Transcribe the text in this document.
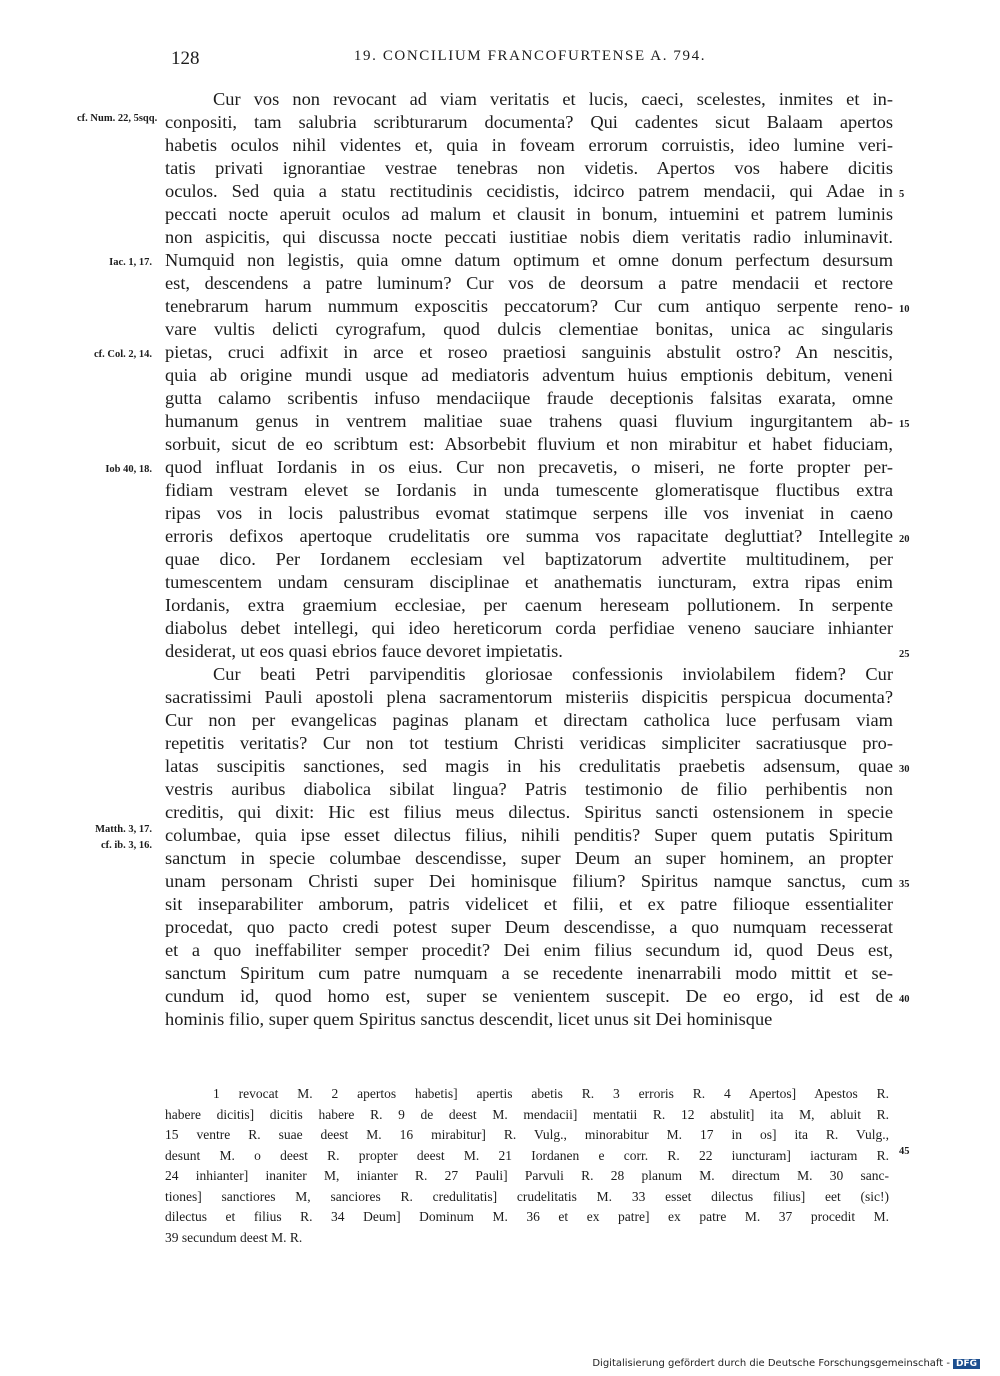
128	19. CONCILIUM FRANCOFURTENSE A. 794.
Cur vos non revocant ad viam veritatis et lucis, caeci, scelestes, inmites et in-
conpositi, tam salubria scribturarum documenta? Qui cadentes sicut Balaam apertos
habetis oculos nihil videntes et, quia in foveam errorum corruistis, ideo lumine veri-
tatis privati ignorantiae vestrae tenebras non videtis. Apertos vos habere dicitis
oculos. Sed quia a statu rectitudinis cecidistis, idcirco patrem mendacii, qui Adae in
peccati nocte aperuit oculos ad malum et clausit in bonum, intuemini et patrem luminis
non aspicitis, qui discussa nocte peccati iustitiae nobis diem veritatis radio inluminavit.
Numquid non legistis, quia omne datum optimum et omne donum perfectum desursum
est, descendens a patre luminum? Cur vos de deorsum a patre mendacii et rectore
tenebrarum harum nummum exposcitis peccatorum? Cur cum antiquo serpente reno-
vare vultis delicti cyrografum, quod dulcis clementiae bonitas, unica ac singularis
pietas, cruci adfixit in arce et roseo praetiosi sanguinis abstulit ostro? An nescitis,
quia ab origine mundi usque ad mediatoris adventum huius emptionis debitum, veneni
gutta calamo scribentis infuso mendaciique fraude deceptionis falsitas exarata, omne
humanum genus in ventrem malitiae suae trahens quasi fluvium ingurgitantem ab-
sorbuit, sicut de eo scribtum est: Absorbebit fluvium et non mirabitur et habet fiduciam,
quod influat Iordanis in os eius. Cur non precavetis, o miseri, ne forte propter per-
fidiam vestram elevet se Iordanis in unda tumescente glomeratisque fluctibus extra
ripas vos in locis palustribus evomat statimque serpens ille vos inveniat in caeno
erroris defixos apertoque crudelitatis ore summa vos rapacitate degluttiat? Intellegite
quae dico. Per Iordanem ecclesiam vel baptizatorum advertite multitudinem, per
tumescentem undam censuram disciplinae et anathematis iuncturam, extra ripas enim
Iordanis, extra graemium ecclesiae, per caenum hereseam pollutionem. In serpente
diabolus debet intellegi, qui ideo hereticorum corda perfidiae veneno sauciare inhianter
desiderat, ut eos quasi ebrios fauce devoret impietatis.
Cur beati Petri parvipenditis gloriosae confessionis inviolabilem fidem? Cur
sacratissimi Pauli apostoli plena sacramentorum misteriis dispicitis perspicua documenta?
Cur non per evangelicas paginas planam et directam catholica luce perfusam viam
repetitis veritatis? Cur non tot testium Christi veridicas simpliciter sacratiusque pro-
latas suscipitis sanctiones, sed magis in his credulitatis praebetis adsensum, quae
vestris auribus diabolica sibilat lingua? Patris testimonio de filio perhibentis non
creditis, qui dixit: Hic est filius meus dilectus. Spiritus sancti ostensionem in specie
columbae, quia ipse esset dilectus filius, nihili penditis? Super quem putatis Spiritum
sanctum in specie columbae descendisse, super Deum an super hominem, an propter
unam personam Christi super Dei hominisque filium? Spiritus namque sanctus, cum
sit inseparabiliter amborum, patris videlicet et filii, et ex patre filioque essentialiter
procedat, quo pacto credi potest super Deum descendisse, a quo numquam recesserat
et a quo ineffabiliter semper procedit? Dei enim filius secundum id, quod Deus est,
sanctum Spiritum cum patre numquam a se recedente inenarrabili modo mittit et se-
cundum id, quod homo est, super se venientem suscepit. De eo ergo, id est de
hominis filio, super quem Spiritus sanctus descendit, licet unus sit Dei hominisque
cf. Num. 22, 5sqq.
Iac. 1, 17.
cf. Col. 2, 14.
Iob 40, 18.
Matth. 3, 17.
cf. ib. 3, 16.
5
10
15
20
25
30
35
40
45
1 revocat M. 2 apertos habetis] apertis abetis R. 3 erroris R. 4 Apertos] Apestos R.
habere dicitis] dicitis habere R. 9 de deest M. mendacii] mentatii R. 12 abstulit] ita M, abluit R.
15 ventre R. suae deest M. 16 mirabitur] R. Vulg., minorabitur M. 17 in os] ita R. Vulg.,
desunt M. o deest R. propter deest M. 21 Iordanen e corr. R. 22 iuncturam] iacturam R.
24 inhianter] inaniter M, inianter R. 27 Pauli] Parvuli R. 28 planum M. directum M. 30 sanc-
tiones] sanctiores M, sanciores R. credulitatis] crudelitatis M. 33 esset dilectus filius] eet (sic!)
dilectus et filius R. 34 Deum] Dominum M. 36 et ex patre] ex patre M. 37 procedit M.
39 secundum deest M. R.
Digitalisierung gefördert durch die Deutsche Forschungsgemeinschaft - DFG
